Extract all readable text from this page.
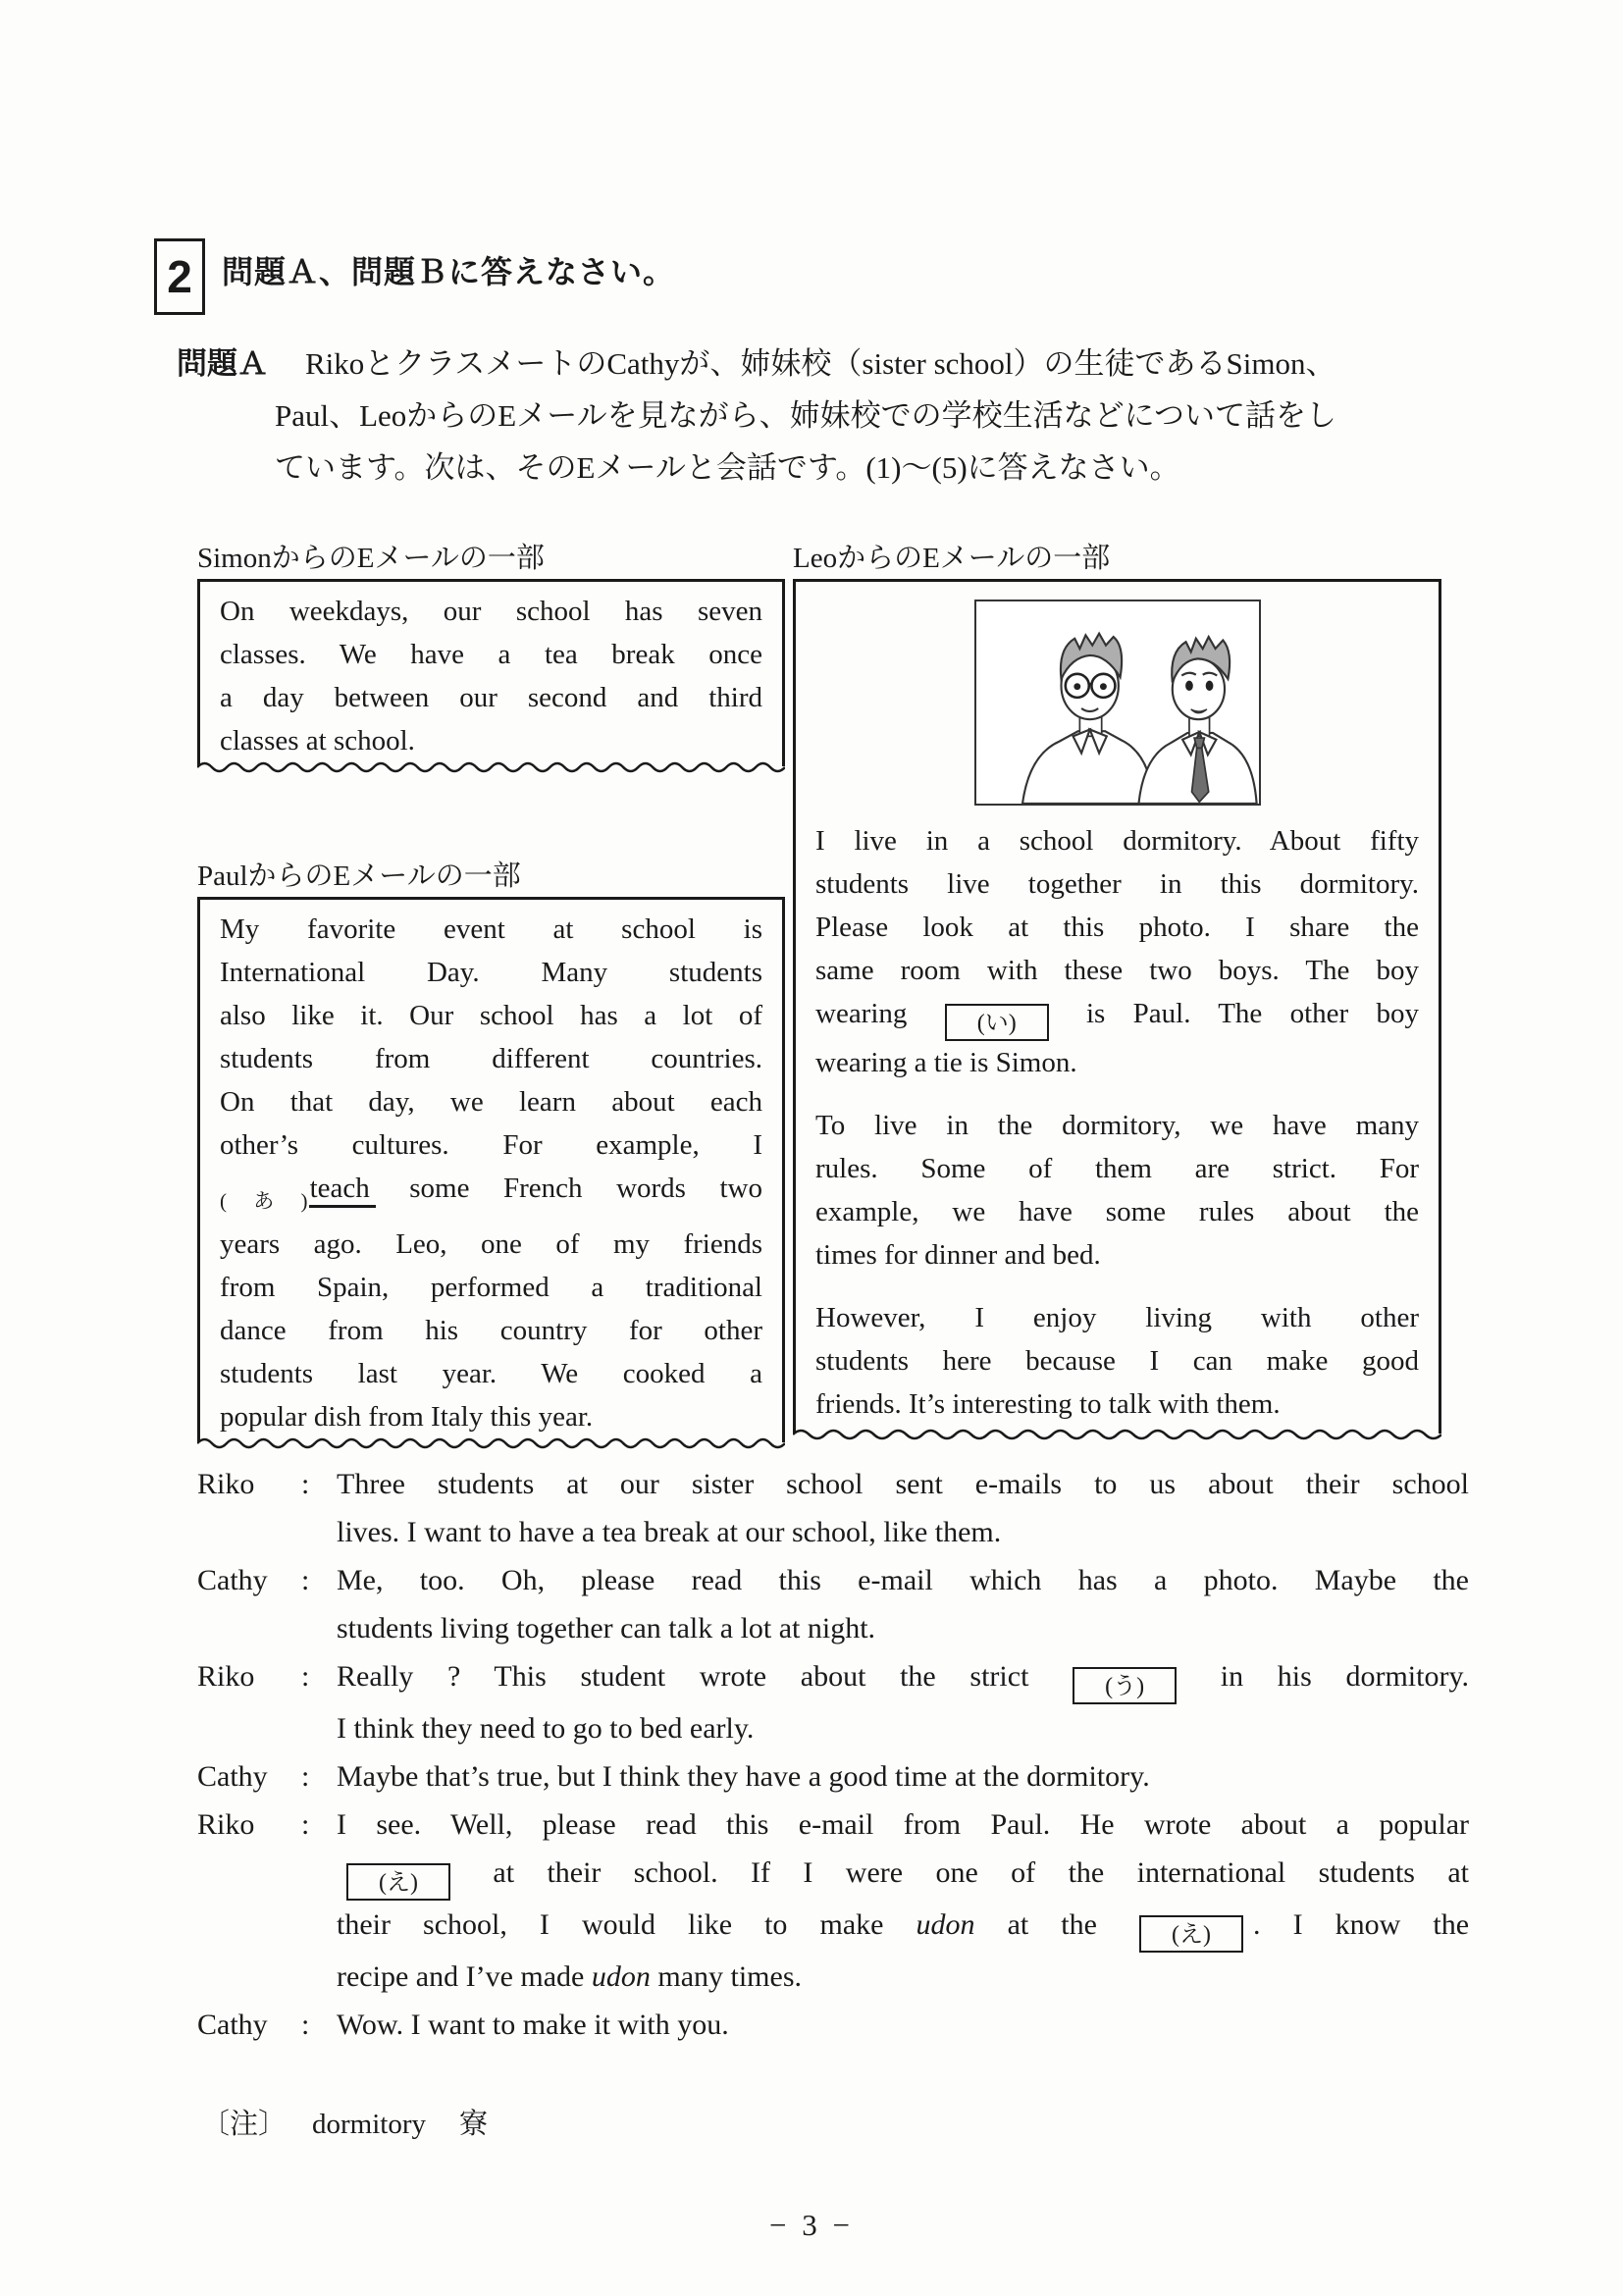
2 問題Ａ、問題Ｂに答えなさい。
問題Ａ RikoとクラスメートのCathyが、姉妹校（sister school）の生徒であるSimon、
Paul、LeoからのEメールを見ながら、姉妹校での学校生活などについて話をし
ています。次は、そのEメールと会話です。(1)～(5)に答えなさい。
SimonからのEメールの一部
On weekdays, our school has seven
classes. We have a tea break once
a day between our second and third
classes at school.
PaulからのEメールの一部
My favorite event at school is
International Day. Many students
also like it. Our school has a lot of
students from different countries.
On that day, we learn about each
other’s cultures. For example, I
$_{(あ)}$teach some French words two
years ago. Leo, one of my friends
from Spain, performed a traditional
dance from his country for other
students last year. We cooked a
popular dish from Italy this year.
LeoからのEメールの一部
I live in a school dormitory. About fifty
students live together in this dormitory.
Please look at this photo. I share the
same room with these two boys. The boy
wearing (い) is Paul. The other boy
wearing a tie is Simon.
To live in the dormitory, we have many
rules. Some of them are strict. For
example, we have some rules about the
times for dinner and bed.
However, I enjoy living with other
students here because I can make good
friends. It’s interesting to talk with them.
Riko	: Three students at our sister school sent e-mails to us about their school
lives. I want to have a tea break at our school, like them.
Cathy	: Me, too. Oh, please read this e-mail which has a photo. Maybe the
students living together can talk a lot at night.
Riko	: Really ? This student wrote about the strict (う) in his dormitory.
I think they need to go to bed early.
Cathy	: Maybe that’s true, but I think they have a good time at the dormitory.
Riko	: I see. Well, please read this e-mail from Paul. He wrote about a popular
(え) at their school. If I were one of the international students at
their school, I would like to make udon at the (え) . I know the
recipe and I’ve made udon many times.
Cathy	: Wow. I want to make it with you.
〔注〕 dormitory 寮
− 3 −
